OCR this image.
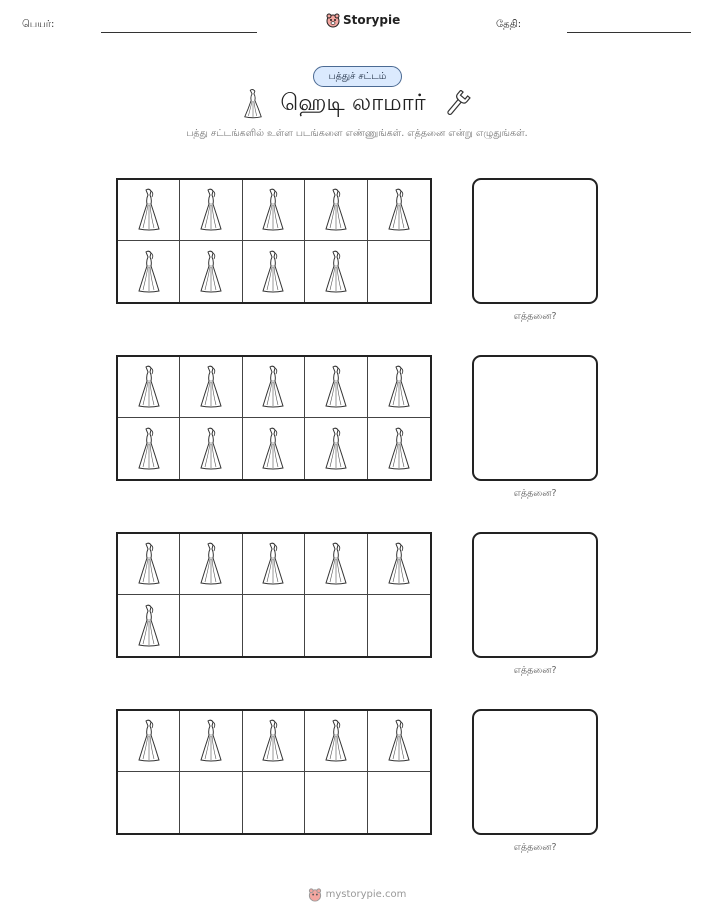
பெயர்:	Storypie	தேதி:
பத்துச் சட்டம்
ஹெடி லாமார்
பத்து சட்டங்களில் உள்ள படங்களை எண்ணுங்கள். எத்தனை என்று எழுதுங்கள்.
எத்தனை?
எத்தனை?
எத்தனை?
எத்தனை?
mystorypie.com
